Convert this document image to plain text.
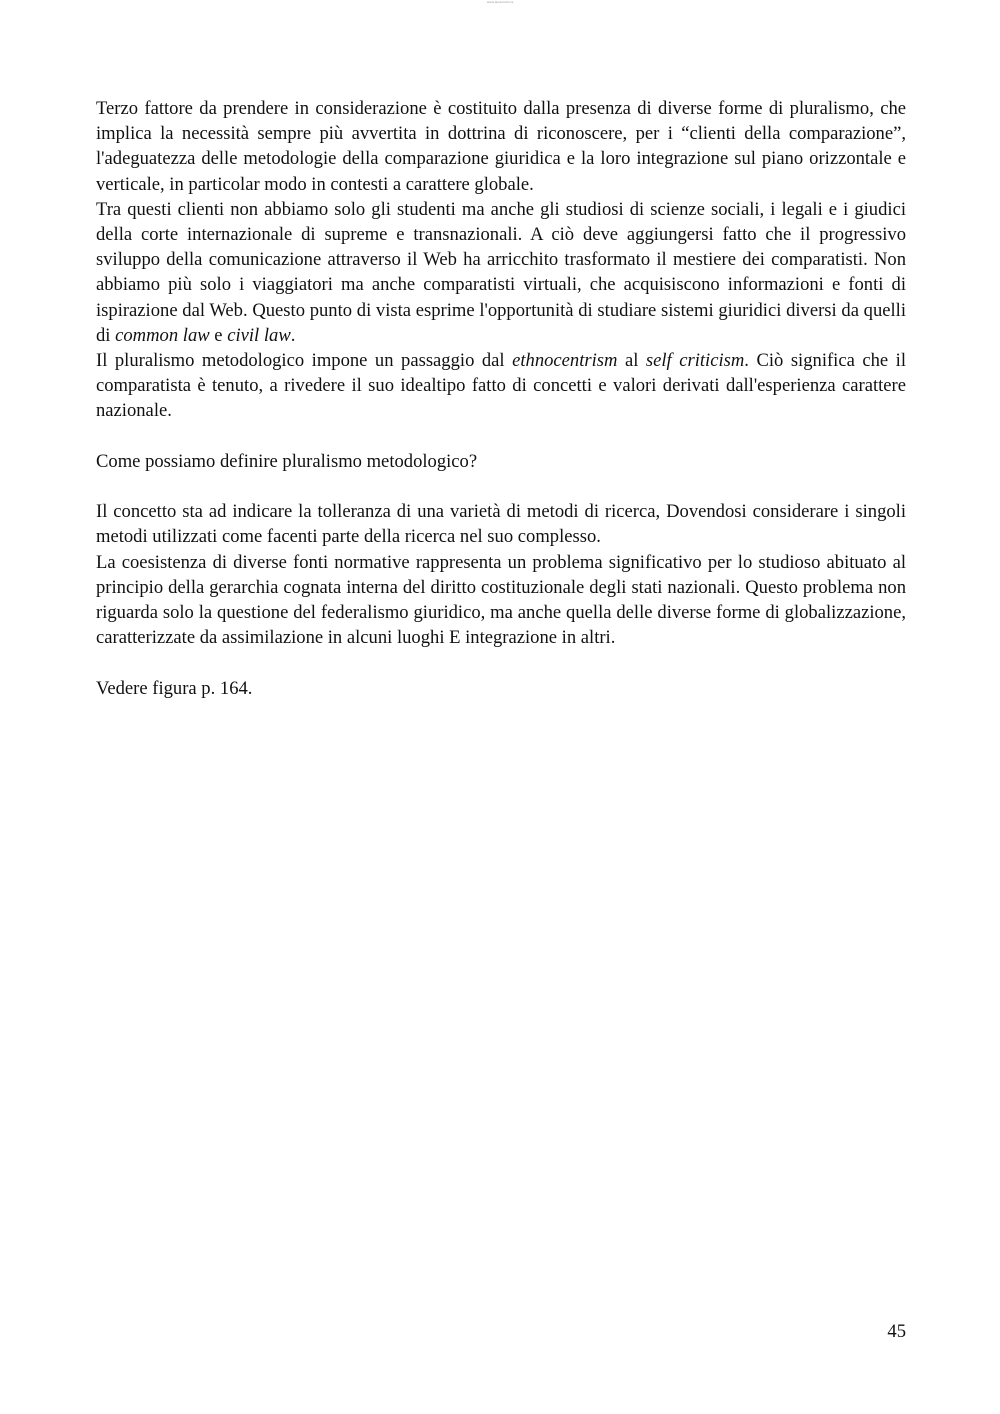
www.lawsolutions

Terzo fattore da prendere in considerazione è costituito dalla presenza di diverse forme di pluralismo, che implica la necessità sempre più avvertita in dottrina di riconoscere, per i “clienti della comparazione”, l'adeguatezza delle metodologie della comparazione giuridica e la loro integrazione sul piano orizzontale e verticale, in particolar modo in contesti a carattere globale.

Tra questi clienti non abbiamo solo gli studenti ma anche gli studiosi di scienze sociali, i legali e i giudici della corte internazionale di supreme e transnazionali. A ciò deve aggiungersi fatto che il progressivo sviluppo della comunicazione attraverso il Web ha arricchito trasformato il mestiere dei comparatisti. Non abbiamo più solo i viaggiatori ma anche comparatisti virtuali, che acquisiscono informazioni e fonti di ispirazione dal Web. Questo punto di vista esprime l'opportunità di studiare sistemi giuridici diversi da quelli di common law e civil law.

Il pluralismo metodologico impone un passaggio dal ethnocentrism al self criticism. Ciò significa che il comparatista è tenuto, a rivedere il suo idealtipo fatto di concetti e valori derivati dall'esperienza carattere nazionale.

Come possiamo definire pluralismo metodologico?

Il concetto sta ad indicare la tolleranza di una varietà di metodi di ricerca, Dovendosi considerare i singoli metodi utilizzati come facenti parte della ricerca nel suo complesso.

La coesistenza di diverse fonti normative rappresenta un problema significativo per lo studioso abituato al principio della gerarchia cognata interna del diritto costituzionale degli stati nazionali. Questo problema non riguarda solo la questione del federalismo giuridico, ma anche quella delle diverse forme di globalizzazione, caratterizzate da assimilazione in alcuni luoghi E integrazione in altri.

Vedere figura p. 164.

45
